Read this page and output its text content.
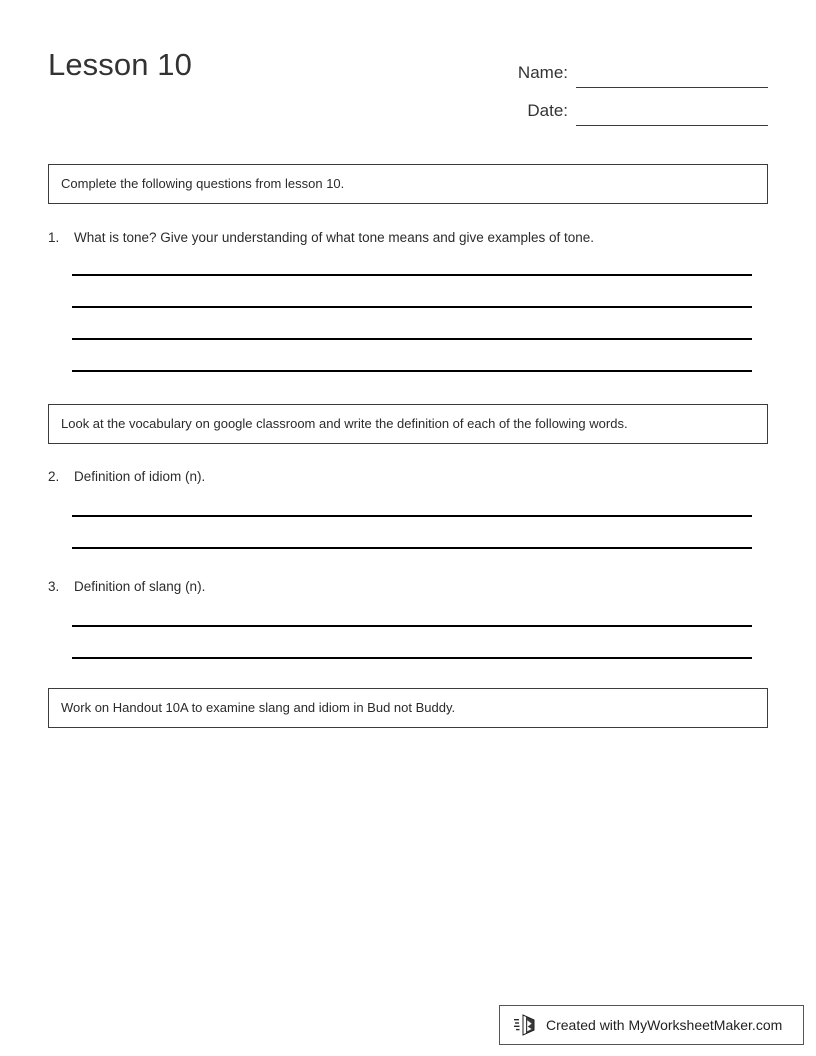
Lesson 10	Name:
Date:
Complete the following questions from lesson 10.
1.	What is tone? Give your understanding of what tone means and give examples of tone.
Look at the vocabulary on google classroom and write the definition of each of the following words.
2.	Definition of idiom (n).
3.	Definition of slang (n).
Work on Handout 10A to examine slang and idiom in Bud not Buddy.
Created with MyWorksheetMaker.com
